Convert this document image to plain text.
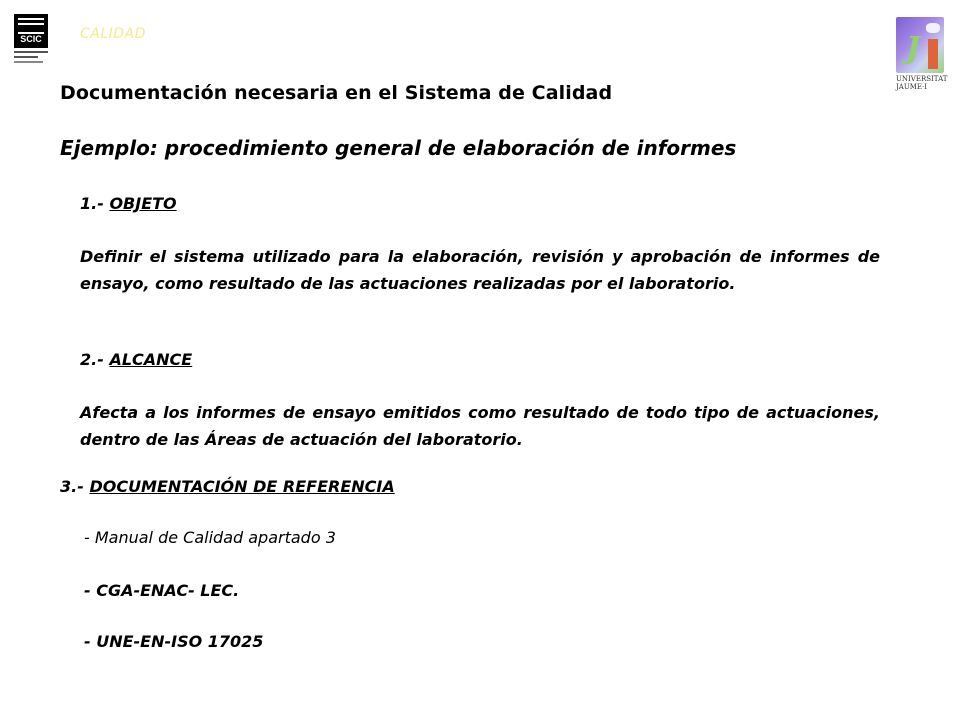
SCIC	CALIDAD	J
UNIVERSITAT
JAUME·I
Documentación necesaria en el Sistema de Calidad
Ejemplo: procedimiento general de elaboración de informes
1.- OBJETO
Definir el sistema utilizado para la elaboración, revisión y aprobación de informes de ensayo, como resultado de las actuaciones realizadas por el laboratorio.
2.- ALCANCE
Afecta a los informes de ensayo emitidos como resultado de todo tipo de actuaciones, dentro de las Áreas de actuación del laboratorio.
3.- DOCUMENTACIÓN DE REFERENCIA
- Manual de Calidad apartado 3
- CGA-ENAC- LEC.
- UNE-EN-ISO 17025
